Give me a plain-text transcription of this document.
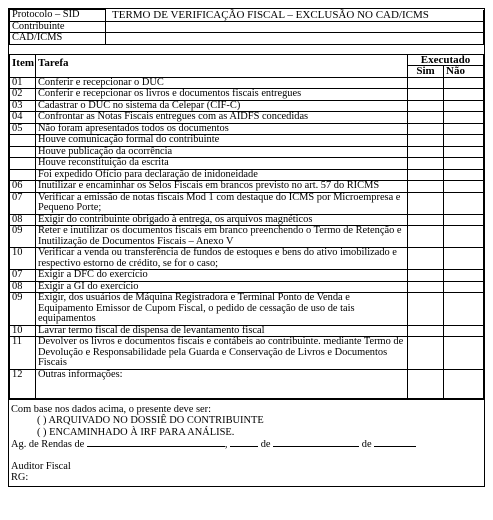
TERMO DE VERIFICAÇÃO FISCAL – EXCLUSÃO NO CAD/ICMS
Protocolo – SID	
Contribuinte	
CAD/ICMS	
Item	Tarefa	Executado	
		Sim	Não
01	Conferir e recepcionar o DUC		
02	Conferir e recepcionar os livros e documentos fiscais entregues		
03	Cadastrar o DUC no sistema da Celepar (CIF-C)		
04	Confrontar as Notas Fiscais entregues com as AIDFS concedidas		
05	Não foram apresentados todos os documentos		
	Houve comunicação formal do contribuinte		
	Houve publicação da ocorrência		
	Houve reconstituição da escrita		
	Foi expedido Ofício para declaração de inidoneidade		
06	Inutilizar e encaminhar os Selos Fiscais em brancos previsto no art. 57 do RICMS		
07	Verificar a emissão de notas fiscais Mod 1 com destaque do ICMS por Microempresa e Pequeno Porte;		
08	Exigir do contribuinte obrigado à entrega, os arquivos magnéticos		
09	Reter e inutilizar os documentos fiscais em branco preenchendo o Termo de Retenção e Inutilização de Documentos Fiscais – Anexo V		
10	Verificar a venda ou transferência de fundos de estoques e bens do ativo imobilizado e respectivo estorno de crédito, se for o caso;		
07	Exigir a DFC do exercício		
08	Exigir a GI do exercício		
09	Exigir, dos usuários de Máquina Registradora e Terminal Ponto de Venda e Equipamento Emissor de Cupom Fiscal, o pedido de cessação de uso de tais equipamentos		
10	Lavrar termo fiscal de dispensa de levantamento fiscal		
11	Devolver os livros e documentos fiscais e contábeis ao contribuinte. mediante Termo de Devolução e Responsabilidade pela Guarda e Conservação de Livros e Documentos Fiscais		
12	Outras informações:		
Com base nos dados acima, o presente deve ser:
( ) ARQUIVADO NO DOSSIÊ DO CONTRIBUINTE
( ) ENCAMINHADO À IRF PARA ANÁLISE.
Ag. de Rendas de	,	de	de
Auditor Fiscal
RG:
